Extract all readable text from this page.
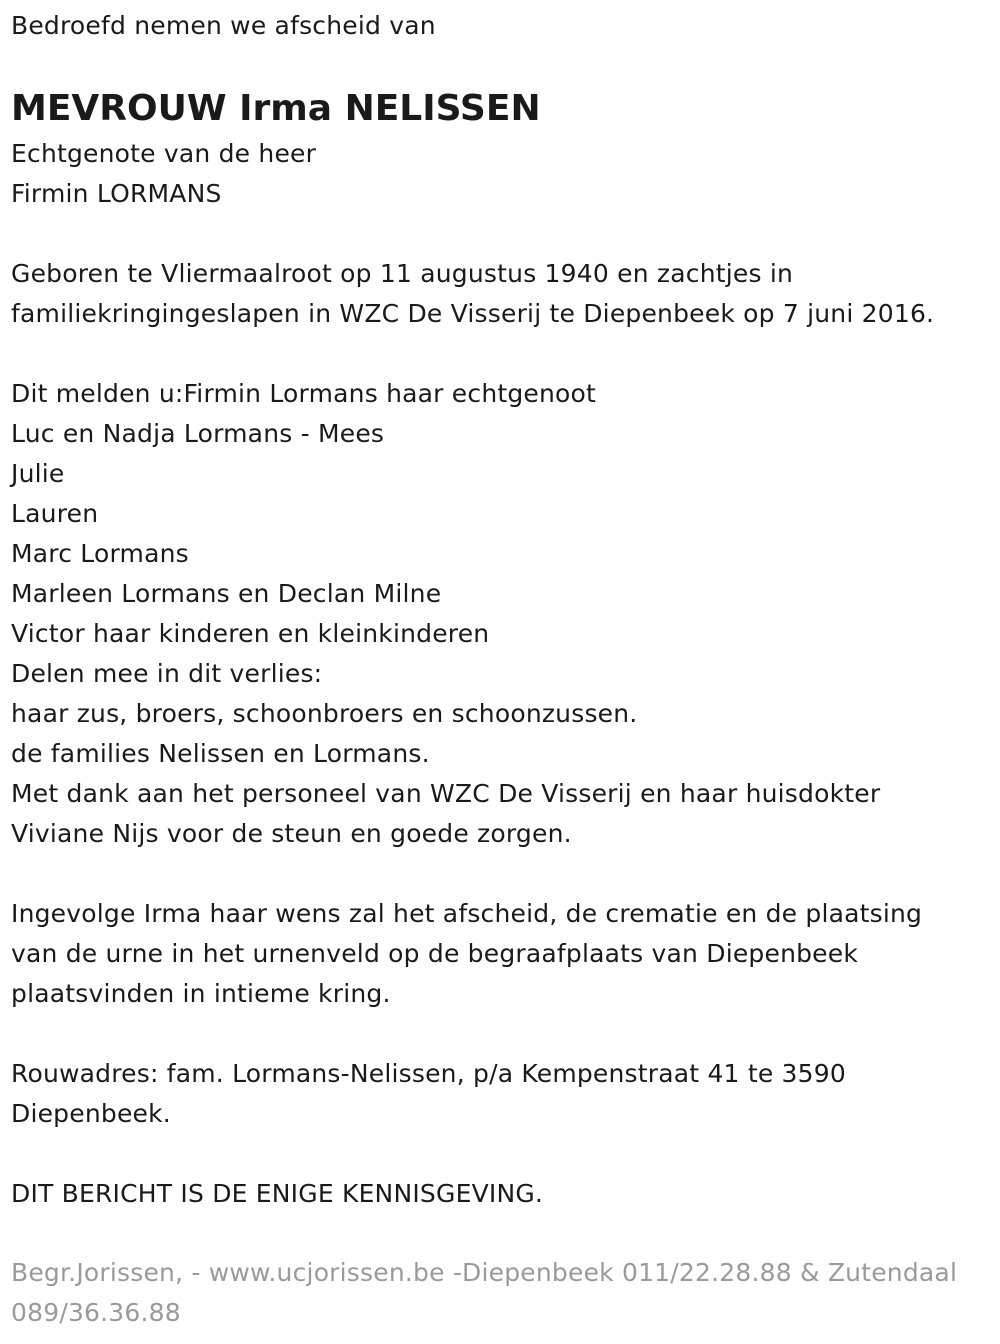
Bedroefd nemen we afscheid van
MEVROUW Irma NELISSEN
Echtgenote van de heer
Firmin LORMANS
Geboren te Vliermaalroot op 11 augustus 1940 en zachtjes in
familiekringingeslapen in WZC De Visserij te Diepenbeek op 7 juni 2016.
Dit melden u:Firmin Lormans haar echtgenoot
Luc en Nadja Lormans - Mees
Julie
Lauren
Marc Lormans
Marleen Lormans en Declan Milne
Victor haar kinderen en kleinkinderen
Delen mee in dit verlies:
haar zus, broers, schoonbroers en schoonzussen.
de families Nelissen en Lormans.
Met dank aan het personeel van WZC De Visserij en haar huisdokter
Viviane Nijs voor de steun en goede zorgen.
Ingevolge Irma haar wens zal het afscheid, de crematie en de plaatsing
van de urne in het urnenveld op de begraafplaats van Diepenbeek
plaatsvinden in intieme kring.
Rouwadres: fam. Lormans-Nelissen, p/a Kempenstraat 41 te 3590
Diepenbeek.
DIT BERICHT IS DE ENIGE KENNISGEVING.
Begr.Jorissen, - www.ucjorissen.be -Diepenbeek 011/22.28.88 & Zutendaal
089/36.36.88
